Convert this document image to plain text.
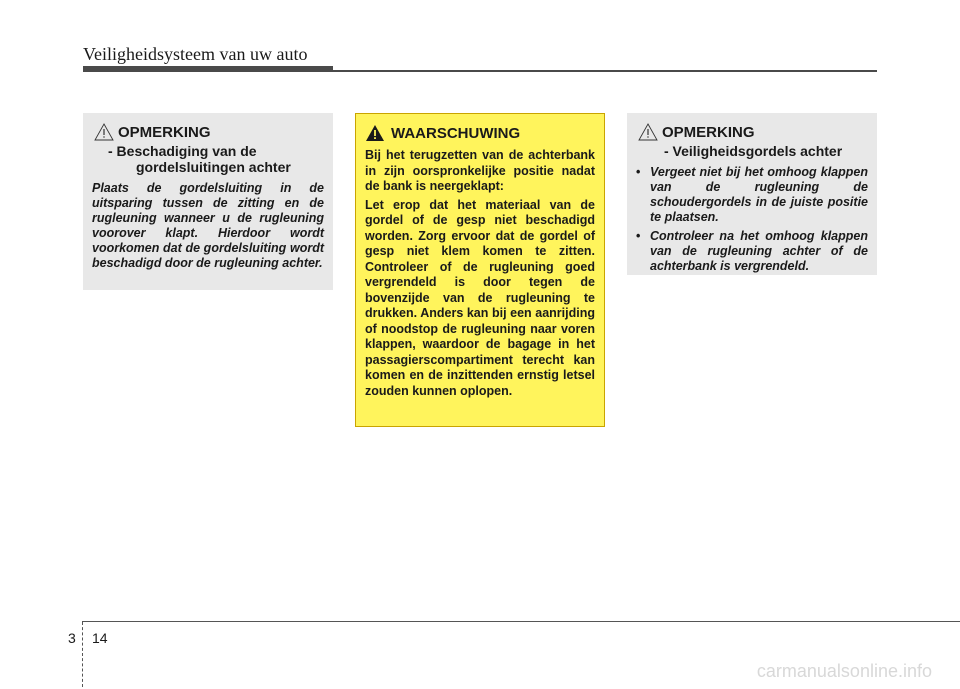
Veiligheidsysteem van uw auto
OPMERKING
- Beschadiging van de
gordelsluitingen achter
Plaats de gordelsluiting in de uitsparing tussen de zitting en de rugleuning wanneer u de rugleuning voorover klapt. Hierdoor wordt voorkomen dat de gordelsluiting wordt beschadigd door de rugleuning achter.
WAARSCHUWING

Bij het terugzetten van de achterbank in zijn oorspronkelijke positie nadat de bank is neergeklapt:

Let erop dat het materiaal van de gordel of de gesp niet beschadigd worden. Zorg ervoor dat de gordel of gesp niet klem komen te zitten. Controleer of de rugleuning goed vergrendeld is door tegen de bovenzijde van de rugleuning te drukken. Anders kan bij een aanrijding of noodstop de rugleuning naar voren klappen, waardoor de bagage in het passagierscompartiment terecht kan komen en de inzittenden ernstig letsel zouden kunnen oplopen.

OPMERKING
- Veiligheidsgordels achter
• Vergeet niet bij het omhoog klappen van de rugleuning de schoudergordels in de juiste positie te plaatsen.
• Controleer na het omhoog klappen van de rugleuning achter of de achterbank is vergrendeld.
3 14
carmanualsonline.info
